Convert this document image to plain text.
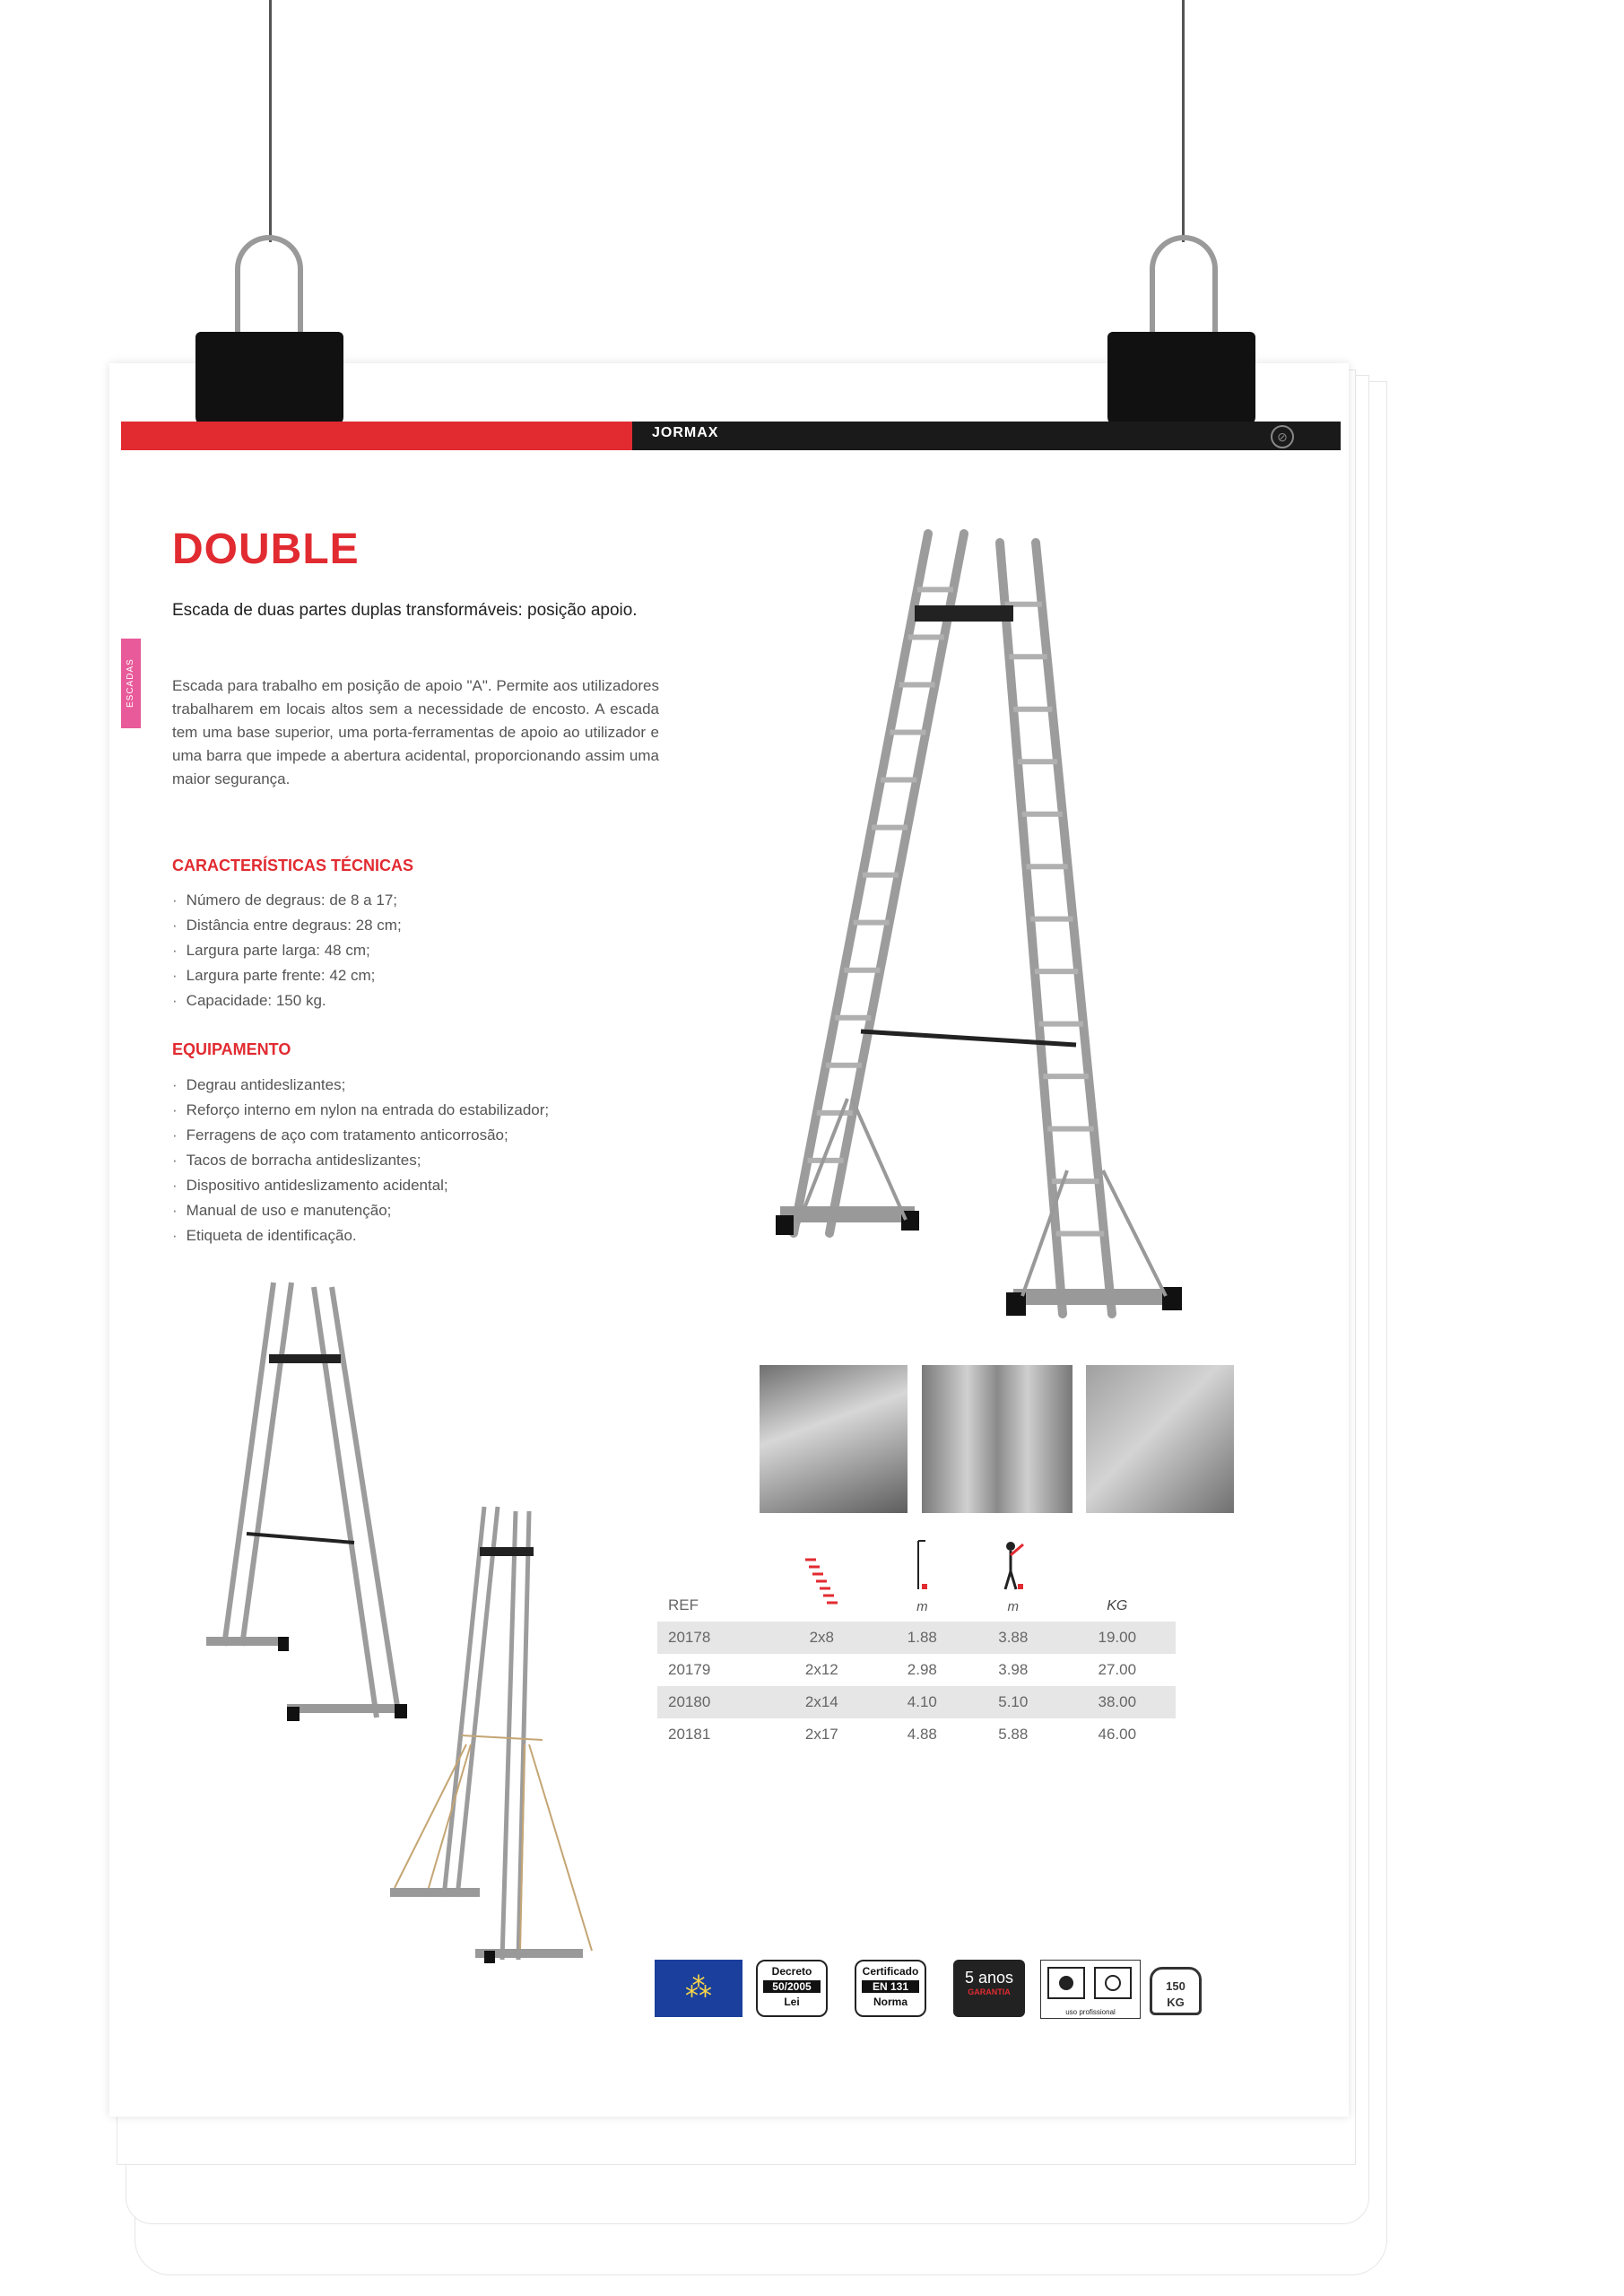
JORMAX	⊘
ESCADAS
DOUBLE

Escada de duas partes duplas transformáveis: posição apoio.

Escada para trabalho em posição de apoio "A". Permite aos utilizadores trabalharem em locais altos sem a necessidade de encosto. A escada tem uma base superior, uma porta-ferramentas de apoio ao utilizador e uma barra que impede a abertura acidental, proporcionando assim uma maior segurança.

CARACTERÍSTICAS TÉCNICAS
· Número de degraus: de 8 a 17;
· Distância entre degraus: 28 cm;
· Largura parte larga: 48 cm;
· Largura parte frente: 42 cm;
· Capacidade: 150 kg.
EQUIPAMENTO
· Degrau antideslizantes;
· Reforço interno em nylon na entrada do estabilizador;
· Ferragens de aço com tratamento anticorrosão;
· Tacos de borracha antideslizantes;
· Dispositivo antideslizamento acidental;
· Manual de uso e manutenção;
· Etiqueta de identificação.
REF		m	m	KG
20178	2x8	1.88	3.88	19.00
20179	2x12	2.98	3.98	27.00
20180	2x14	4.10	5.10	38.00
20181	2x17	4.88	5.88	46.00
⁂
Decreto
50/2005
Lei
Certificado
EN 131
Norma
5 anos
GARANTIA
uso profissional
150
KG
